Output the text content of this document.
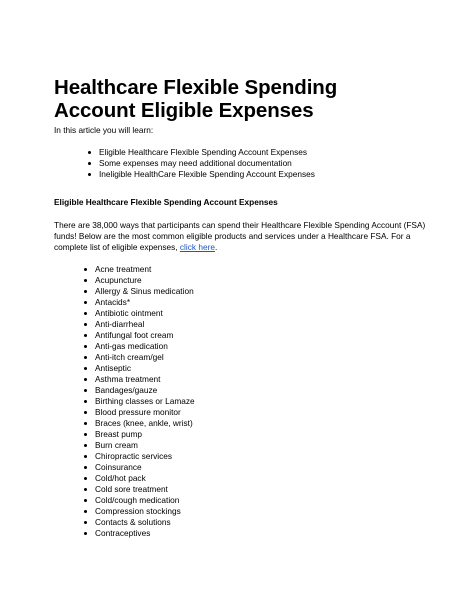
Healthcare Flexible Spending Account Eligible Expenses
In this article you will learn:
Eligible Healthcare Flexible Spending Account Expenses
Some expenses may need additional documentation
Ineligible HealthCare Flexible Spending Account Expenses
Eligible Healthcare Flexible Spending Account Expenses

There are 38,000 ways that participants can spend their Healthcare Flexible Spending Account (FSA) funds! Below are the most common eligible products and services under a Healthcare FSA. For a complete list of eligible expenses, click here.

Acne treatment
Acupuncture
Allergy & Sinus medication
Antacids*
Antibiotic ointment
Anti-diarrheal
Antifungal foot cream
Anti-gas medication
Anti-itch cream/gel
Antiseptic
Asthma treatment
Bandages/gauze
Birthing classes or Lamaze
Blood pressure monitor
Braces (knee, ankle, wrist)
Breast pump
Burn cream
Chiropractic services
Coinsurance
Cold/hot pack
Cold sore treatment
Cold/cough medication
Compression stockings
Contacts & solutions
Contraceptives
